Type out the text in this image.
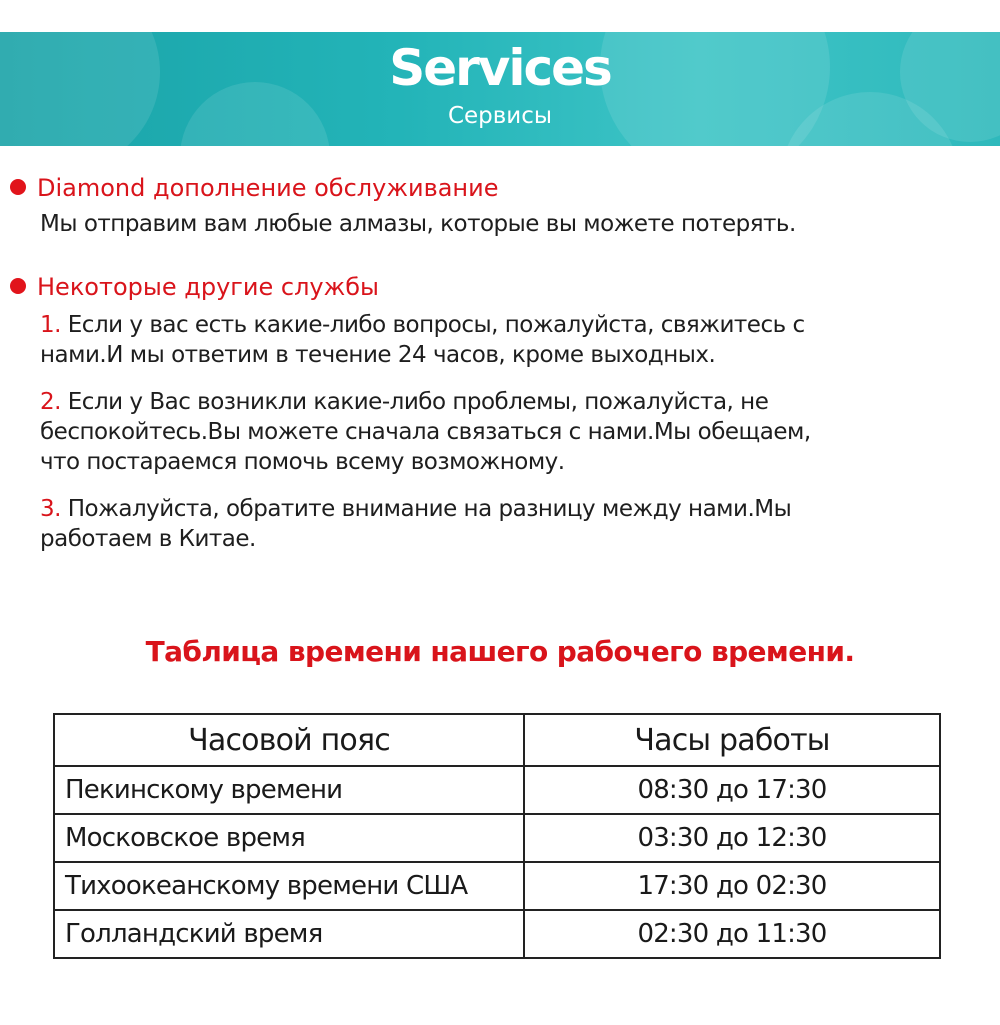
Services
Сервисы
Diamond дополнение обслуживание
Мы отправим вам любые алмазы, которые вы можете потерять.
Некоторые другие службы
1. Если у вас есть какие-либо вопросы, пожалуйста, свяжитесь с
нами.И мы ответим в течение 24 часов, кроме выходных.
2. Если у Вас возникли какие-либо проблемы, пожалуйста, не
беспокойтесь.Вы можете сначала связаться с нами.Мы обещаем,
что постараемся помочь всему возможному.
3. Пожалуйста, обратите внимание на разницу между нами.Мы
работаем в Китае.
Таблица времени нашего рабочего времени.
Часовой пояс	Часы работы
Пекинскому времени	08:30 до 17:30
Московское время	03:30 до 12:30
Тихоокеанскому времени США	17:30 до 02:30
Голландский время	02:30 до 11:30
